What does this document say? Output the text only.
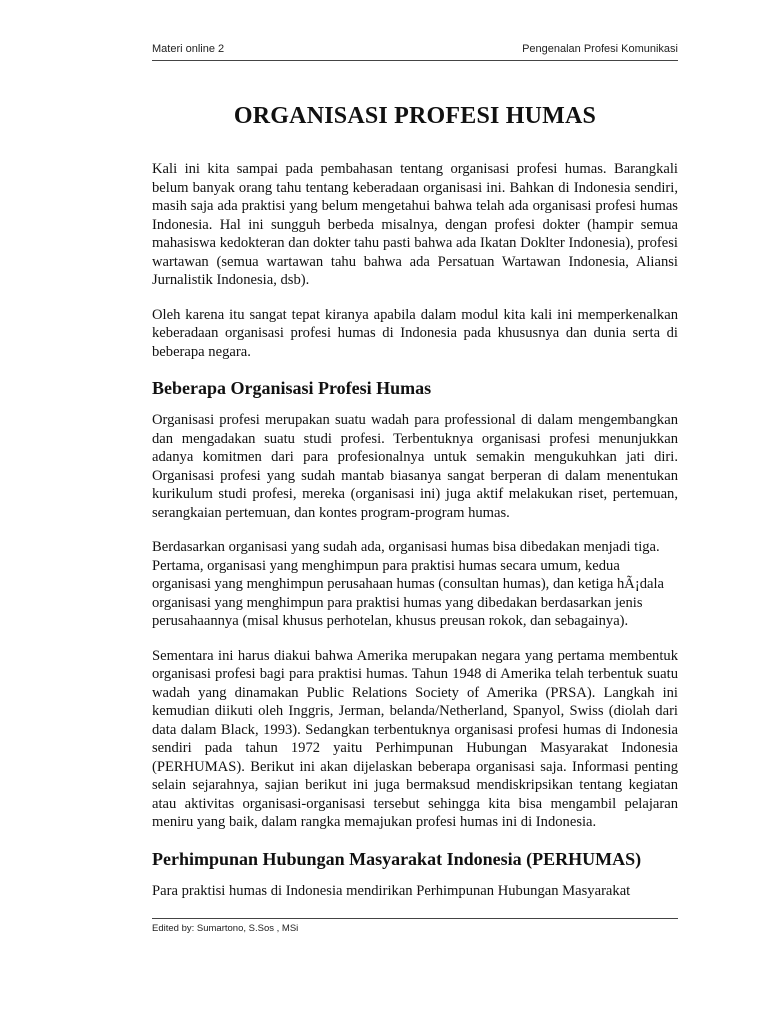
Materi online 2	Pengenalan Profesi Komunikasi
ORGANISASI PROFESI HUMAS

Kali ini kita sampai pada pembahasan tentang organisasi profesi humas. Barangkali belum banyak orang tahu tentang keberadaan organisasi ini. Bahkan di Indonesia sendiri, masih saja ada praktisi yang belum mengetahui bahwa telah ada organisasi profesi humas Indonesia. Hal ini sungguh berbeda misalnya, dengan profesi dokter (hampir semua mahasiswa kedokteran dan dokter tahu pasti bahwa ada Ikatan Doklter Indonesia), profesi wartawan (semua wartawan tahu bahwa ada Persatuan Wartawan Indonesia, Aliansi Jurnalistik Indonesia, dsb).

Oleh karena itu sangat tepat kiranya apabila dalam modul kita kali ini memperkenalkan keberadaan organisasi profesi humas di Indonesia pada khususnya dan dunia serta di beberapa negara.

Beberapa Organisasi Profesi Humas

Organisasi profesi merupakan suatu wadah para professional di dalam mengembangkan dan mengadakan suatu studi profesi. Terbentuknya organisasi profesi menunjukkan adanya komitmen dari para profesionalnya untuk semakin mengukuhkan jati diri. Organisasi profesi yang sudah mantab biasanya sangat berperan di dalam menentukan kurikulum studi profesi, mereka (organisasi ini) juga aktif melakukan riset, pertemuan, serangkaian pertemuan, dan kontes program-program humas.

Berdasarkan organisasi yang sudah ada, organisasi humas bisa dibedakan menjadi tiga. Pertama, organisasi yang menghimpun para praktisi humas secara umum, kedua organisasi yang menghimpun perusahaan humas (consultan humas), dan ketiga hÃ¡dala organisasi yang menghimpun para praktisi humas yang dibedakan berdasarkan jenis perusahaannya (misal khusus perhotelan, khusus preusan rokok, dan sebagainya).

Sementara ini harus diakui bahwa Amerika merupakan negara yang pertama membentuk organisasi profesi bagi para praktisi humas. Tahun 1948 di Amerika telah terbentuk suatu wadah yang dinamakan Public Relations Society of Amerika (PRSA). Langkah ini kemudian diikuti oleh Inggris, Jerman, belanda/Netherland, Spanyol, Swiss (diolah dari data dalam Black, 1993). Sedangkan terbentuknya organisasi profesi humas di Indonesia sendiri pada tahun 1972 yaitu Perhimpunan Hubungan Masyarakat Indonesia (PERHUMAS). Berikut ini akan dijelaskan beberapa organisasi saja. Informasi penting selain sejarahnya, sajian berikut ini juga bermaksud mendiskripsikan tentang kegiatan atau aktivitas organisasi-organisasi tersebut sehingga kita bisa mengambil pelajaran meniru yang baik, dalam rangka memajukan profesi humas ini di Indonesia.

Perhimpunan Hubungan Masyarakat Indonesia (PERHUMAS)

Para praktisi humas di Indonesia mendirikan Perhimpunan Hubungan Masyarakat

Edited by: Sumartono, S.Sos , MSi
